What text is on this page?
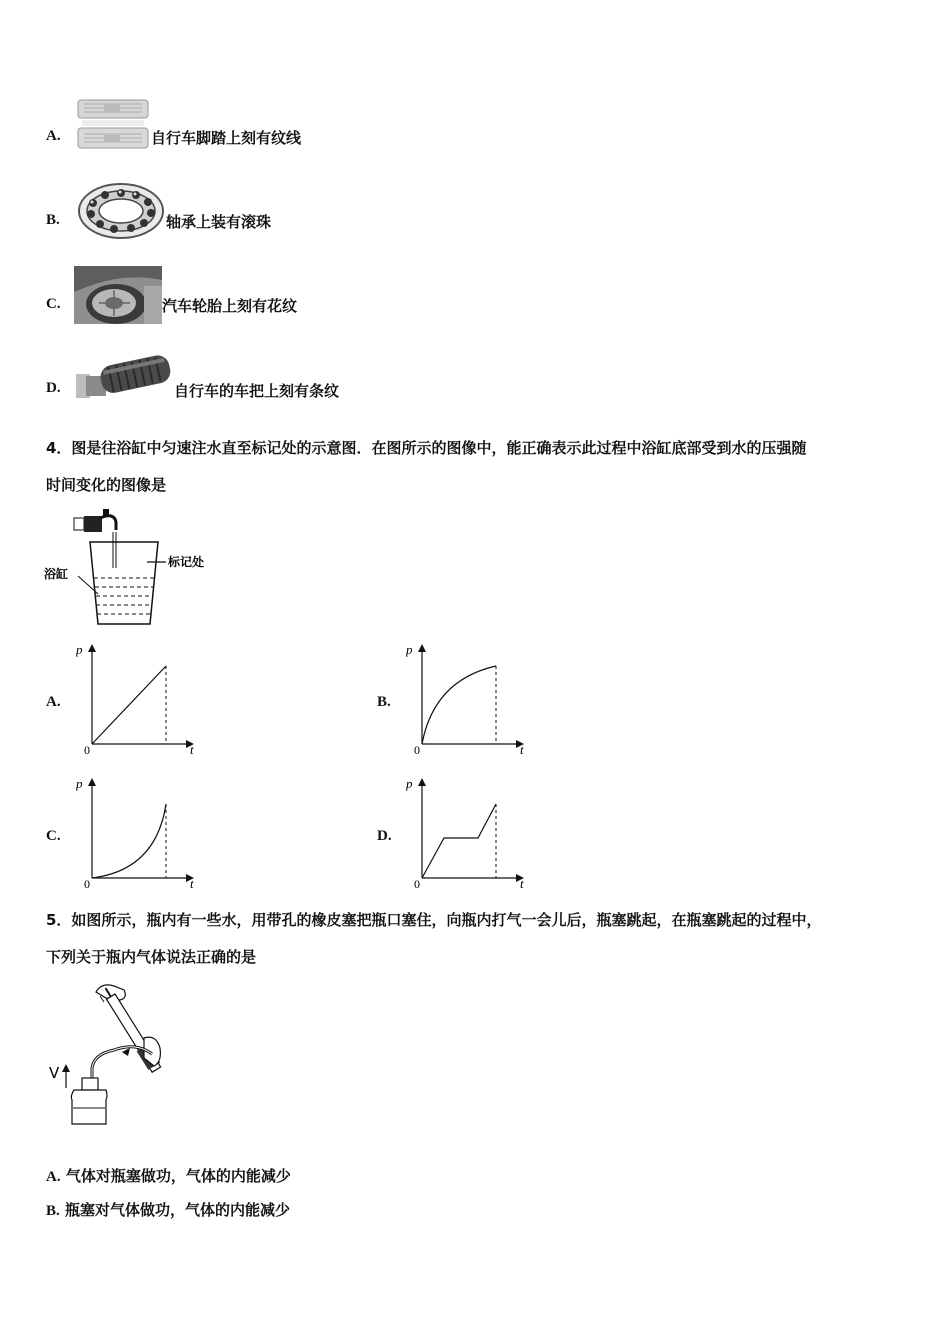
A.	自行车脚踏上刻有纹线
B.	轴承上装有滚珠
C.	汽车轮胎上刻有花纹
D.	自行车的车把上刻有条纹
4．图是往浴缸中匀速注水直至标记处的示意图．在图所示的图像中，能正确表示此过程中浴缸底部受到水的压强随
时间变化的图像是
标记处
浴缸
A.
p
t
0
B.
p
t
0
C.
p
t
0
D.
p
t
0
5．如图所示，瓶内有一些水，用带孔的橡皮塞把瓶口塞住，向瓶内打气一会儿后，瓶塞跳起，在瓶塞跳起的过程中，
下列关于瓶内气体说法正确的是
V
A. 气体对瓶塞做功，气体的内能减少
B. 瓶塞对气体做功，气体的内能减少
